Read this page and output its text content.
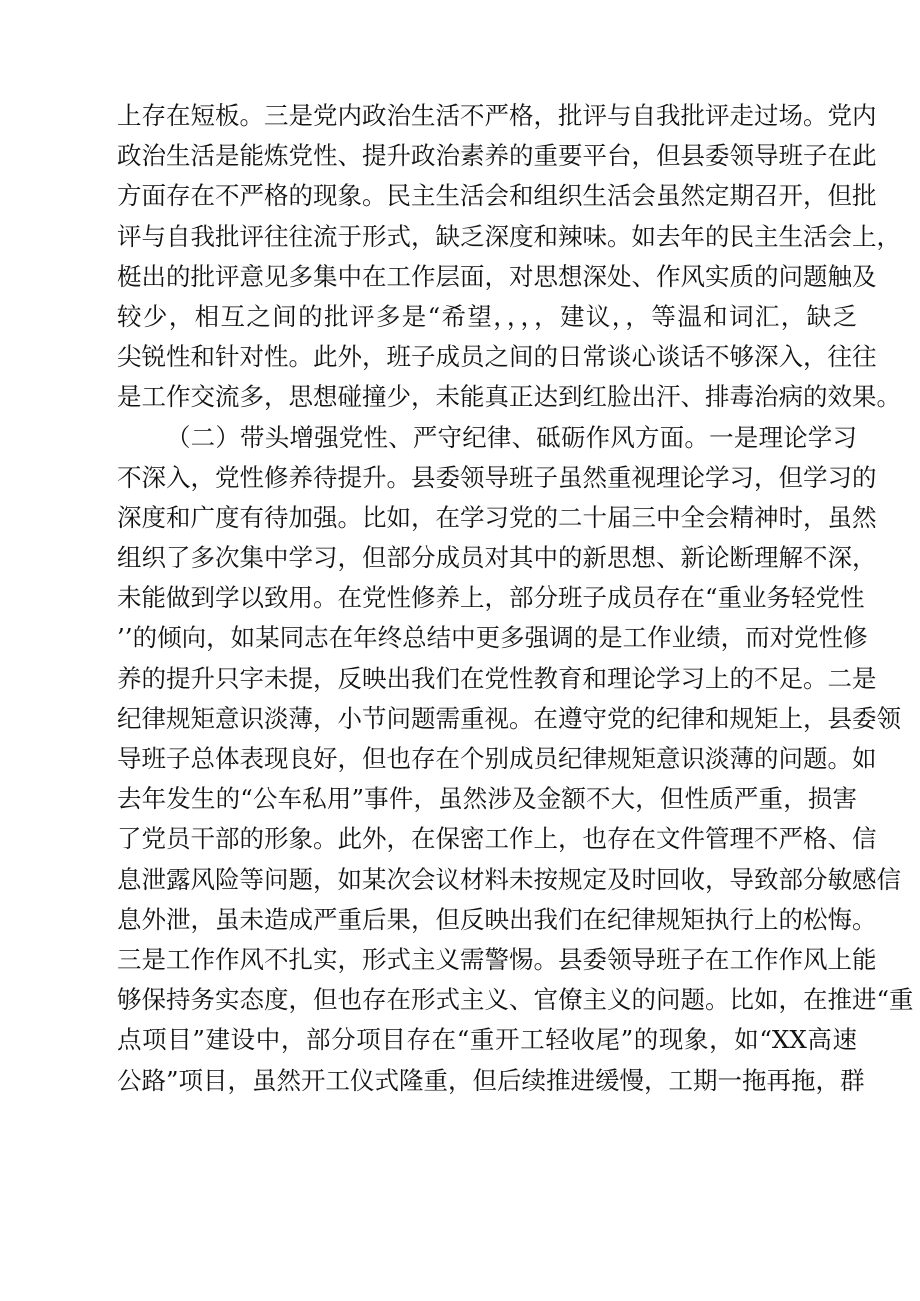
上存在短板。三是党内政治生活不严格，批评与自我批评走过场。党内
政治生活是能炼党性、提升政治素养的重要平台，但县委领导班子在此
方面存在不严格的现象。民主生活会和组织生活会虽然定期召开，但批
评与自我批评往往流于形式，缺乏深度和辣味。如去年的民主生活会上，
梃出的批评意见多集中在工作层面，对思想深处、作风实质的问题触及
较少，相互之间的批评多是“希望，，，，建议，，等温和词汇，缺乏
尖锐性和针对性。此外，班子成员之间的日常谈心谈话不够深入，往往
是工作交流多，思想碰撞少，未能真正达到红脸出汗、排毒治病的效果。
（二）带头增强党性、严守纪律、砥砺作风方面。一是理论学习
不深入，党性修养待提升。县委领导班子虽然重视理论学习，但学习的
深度和广度有待加强。比如，在学习党的二十届三中全会精神时，虽然
组织了多次集中学习，但部分成员对其中的新思想、新论断理解不深，
未能做到学以致用。在党性修养上，部分班子成员存在“重业务轻党性
’’的倾向，如某同志在年终总结中更多强调的是工作业绩，而对党性修
养的提升只字未提，反映出我们在党性教育和理论学习上的不足。二是
纪律规矩意识淡薄，小节问题需重视。在遵守党的纪律和规矩上，县委领
导班子总体表现良好，但也存在个别成员纪律规矩意识淡薄的问题。如
去年发生的“公车私用”事件，虽然涉及金额不大，但性质严重，损害
了党员干部的形象。此外，在保密工作上，也存在文件管理不严格、信
息泄露风险等问题，如某次会议材料未按规定及时回收，导致部分敏感信
息外泄，虽未造成严重后果，但反映出我们在纪律规矩执行上的松悔。
三是工作作风不扎实，形式主义需警惕。县委领导班子在工作作风上能
够保持务实态度，但也存在形式主义、官僚主义的问题。比如，在推进“重
点项目”建设中，部分项目存在“重开工轻收尾”的现象，如“XX高速
公路”项目，虽然开工仪式隆重，但后续推进缓慢，工期一拖再拖，群
